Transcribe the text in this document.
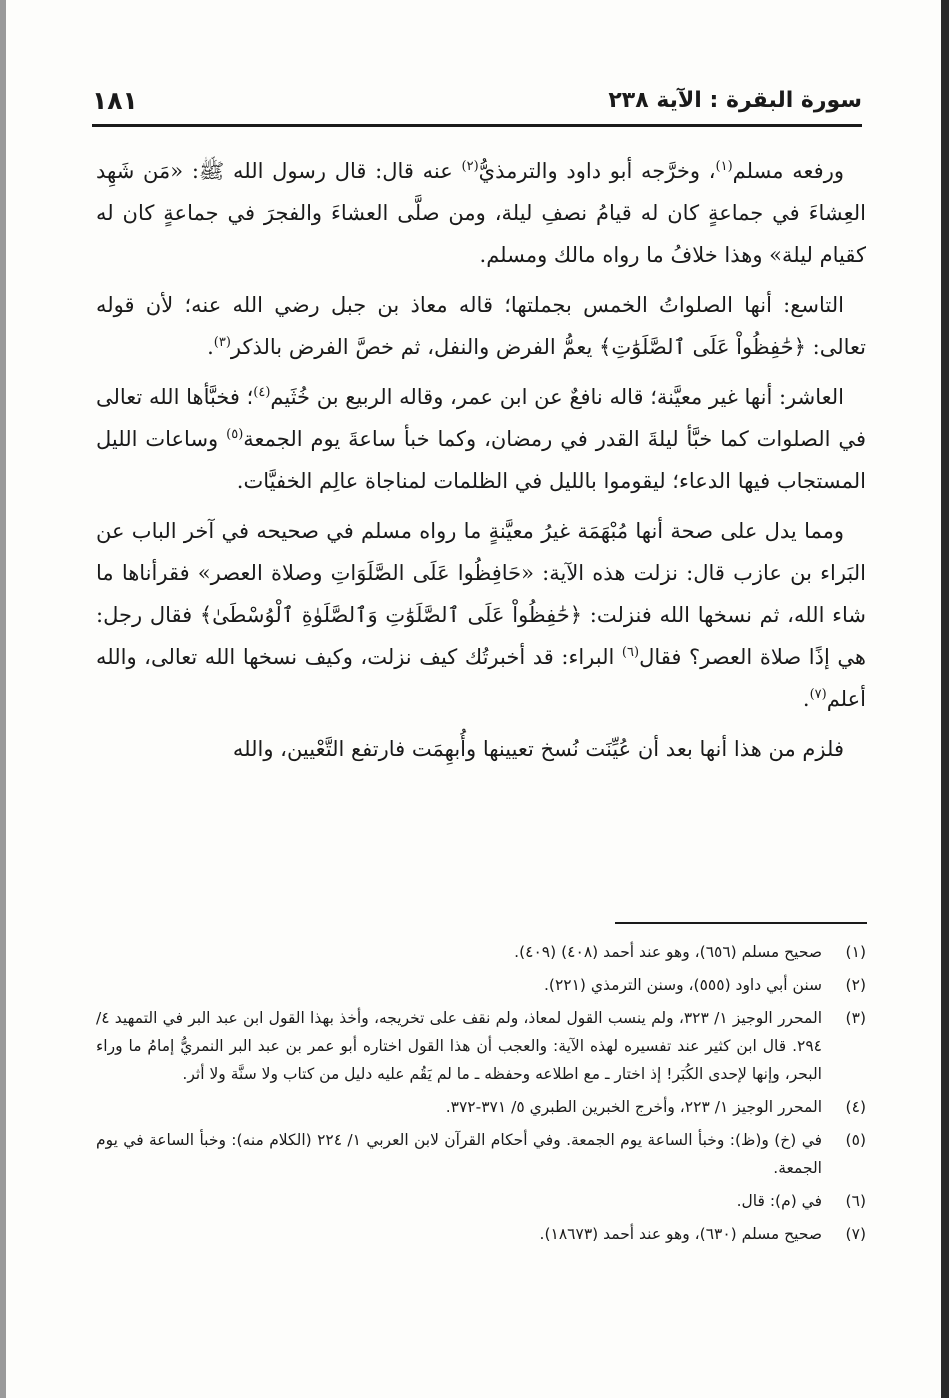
سورة البقرة : الآية ٢٣٨
١٨١

ورفعه مسلم$^{(١)}$، وخرَّجه أبو داود والترمذيُّ$^{(٢)}$ عنه قال: قال رسول الله ﷺ: «مَن شَهِد العِشاءَ في جماعةٍ كان له قيامُ نصفِ ليلة، ومن صلَّى العشاءَ والفجرَ في جماعةٍ كان له كقيام ليلة» وهذا خلافُ ما رواه مالك ومسلم.

التاسع: أنها الصلواتُ الخمس بجملتها؛ قاله معاذ بن جبل رضي الله عنه؛ لأن قوله تعالى: ﴿حَٰفِظُواْ عَلَى ٱلصَّلَوَٰتِ﴾ يعمُّ الفرض والنفل، ثم خصَّ الفرض بالذكر$^{(٣)}$.

العاشر: أنها غير معيَّنة؛ قاله نافعٌ عن ابن عمر، وقاله الربيع بن خُثَيم$^{(٤)}$؛ فخبَّأها الله تعالى في الصلوات كما خبَّأ ليلةَ القدر في رمضان، وكما خبأ ساعةَ يوم الجمعة$^{(٥)}$ وساعات الليل المستجاب فيها الدعاء؛ ليقوموا بالليل في الظلمات لمناجاة عالِم الخفيَّات.

ومما يدل على صحة أنها مُبْهَمَة غيرُ معيَّنةٍ ما رواه مسلم في صحيحه في آخر الباب عن البَراء بن عازب قال: نزلت هذه الآية: «حَافِظُوا عَلَى الصَّلَوَاتِ وصلاة العصر» فقرأناها ما شاء الله، ثم نسخها الله فنزلت: ﴿حَٰفِظُواْ عَلَى ٱلصَّلَوَٰتِ وَٱلصَّلَوٰةِ ٱلْوُسْطَىٰ﴾ فقال رجل: هي إذًا صلاة العصر؟ فقال$^{(٦)}$ البراء: قد أخبرتُك كيف نزلت، وكيف نسخها الله تعالى، والله أعلم$^{(٧)}$.

فلزم من هذا أنها بعد أن عُيِّنَت نُسخ تعيينها وأُبهِمَت فارتفع التَّعْيين، والله

(١)
صحيح مسلم (٦٥٦)، وهو عند أحمد (٤٠٨) (٤٠٩).
(٢)
سنن أبي داود (٥٥٥)، وسنن الترمذي (٢٢١).
(٣)
المحرر الوجيز ١/ ٣٢٣، ولم ينسب القول لمعاذ، ولم نقف على تخريجه، وأخذ بهذا القول ابن عبد البر في التمهيد ٤/ ٢٩٤. قال ابن كثير عند تفسيره لهذه الآية: والعجب أن هذا القول اختاره أبو عمر بن عبد البر النمريُّ إمامُ ما وراء البحر، وإنها لإحدى الكُبَر! إذ اختار ـ مع اطلاعه وحفظه ـ ما لم يَقُم عليه دليل من كتاب ولا سنَّة ولا أثر.
(٤)
المحرر الوجيز ١/ ٢٢٣، وأخرج الخبرين الطبري ٥/ ٣٧١-٣٧٢.
(٥)
في (خ) و(ظ): وخبأ الساعة يوم الجمعة. وفي أحكام القرآن لابن العربي ١/ ٢٢٤ (الكلام منه): وخبأ الساعة في يوم الجمعة.
(٦)
في (م): قال.
(٧)
صحيح مسلم (٦٣٠)، وهو عند أحمد (١٨٦٧٣).
